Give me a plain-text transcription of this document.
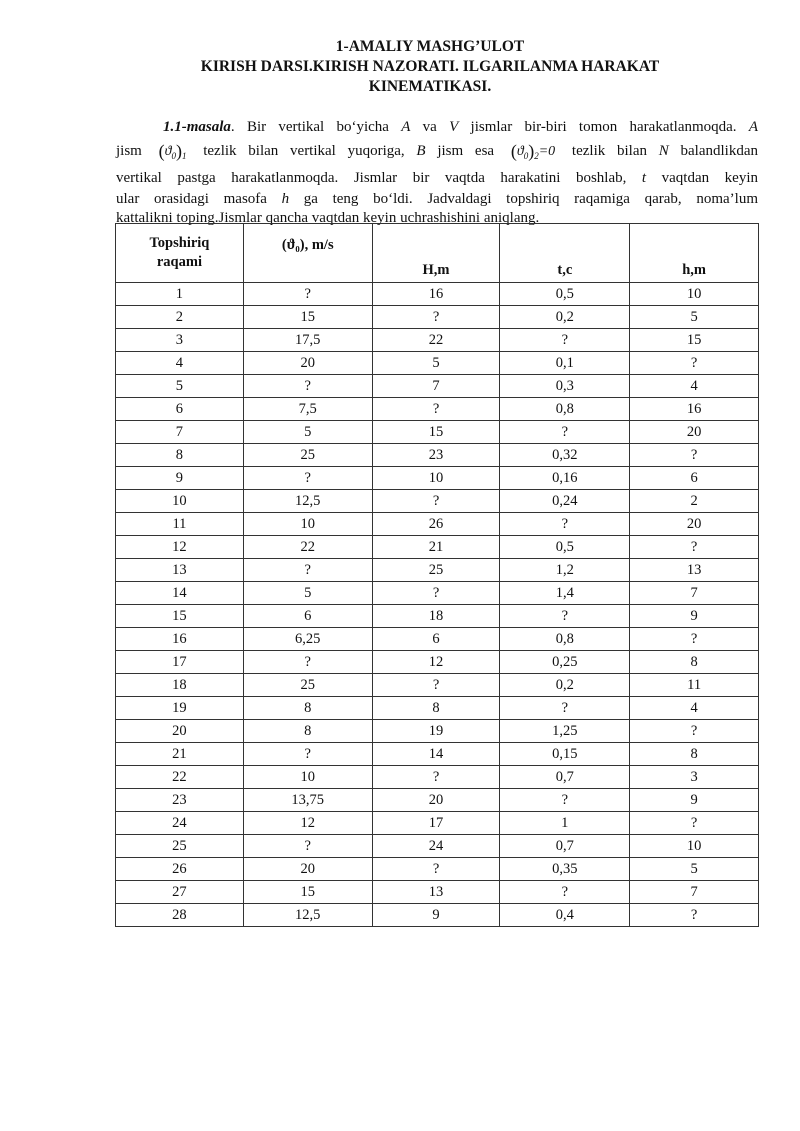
1-AMALIY MASHG’ULOT
KIRISH DARSI.KIRISH NAZORATI. ILGARILANMA HARAKAT
KINEMATIKASI.
1.1-masala. Bir vertikal bo‘yicha A va V jismlar bir-biri tomon harakatlanmoqda. A
jism $(ϑ_0)_1$ tezlik bilan vertikal yuqoriga, B jism esa $(ϑ_0)_2=0$ tezlik bilan N balandlikdan
vertikal pastga harakatlanmoqda. Jismlar bir vaqtda harakatini boshlab, t vaqtdan keyin
ular orasidagi masofa h ga teng bo‘ldi. Jadvaldagi topshiriq raqamiga qarab, noma’lum
kattalikni toping.Jismlar qancha vaqtdan keyin uchrashishini aniqlang.
Topshiriq
raqami	(ϑ₀), m/s	H,m	t,c	h,m
1	?	16	0,5	10
2	15	?	0,2	5
3	17,5	22	?	15
4	20	5	0,1	?
5	?	7	0,3	4
6	7,5	?	0,8	16
7	5	15	?	20
8	25	23	0,32	?
9	?	10	0,16	6
10	12,5	?	0,24	2
11	10	26	?	20
12	22	21	0,5	?
13	?	25	1,2	13
14	5	?	1,4	7
15	6	18	?	9
16	6,25	6	0,8	?
17	?	12	0,25	8
18	25	?	0,2	11
19	8	8	?	4
20	8	19	1,25	?
21	?	14	0,15	8
22	10	?	0,7	3
23	13,75	20	?	9
24	12	17	1	?
25	?	24	0,7	10
26	20	?	0,35	5
27	15	13	?	7
28	12,5	9	0,4	?
